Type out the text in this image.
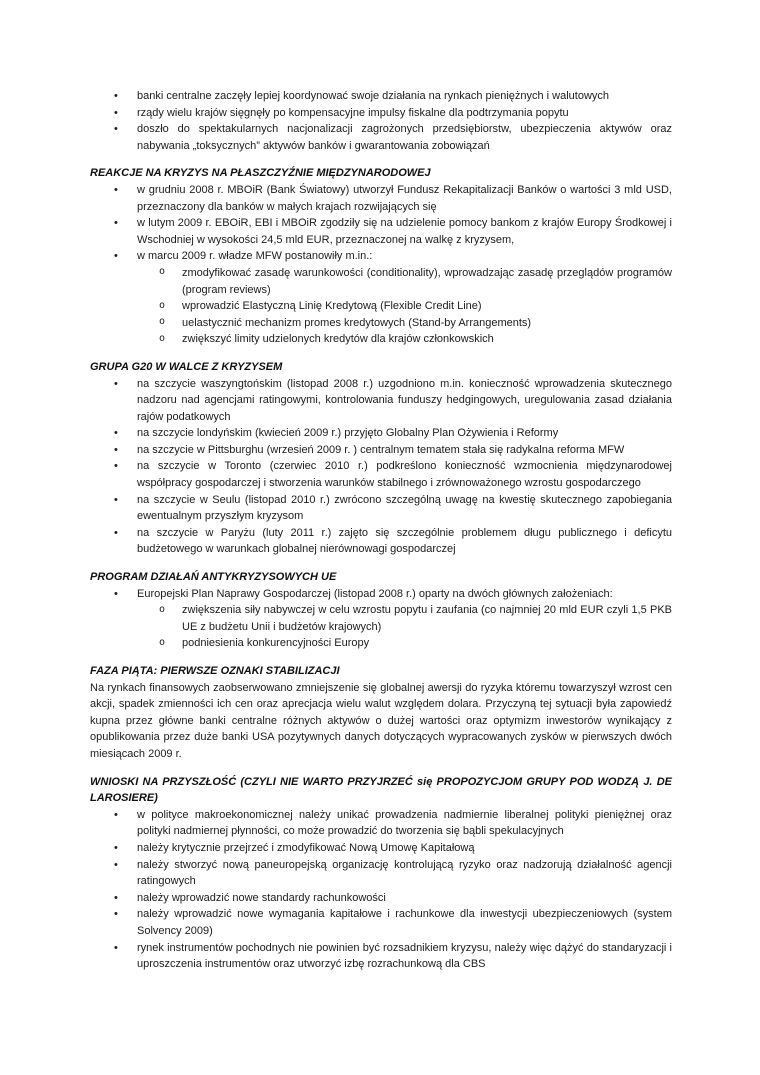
• banki centralne zaczęły lepiej koordynować swoje działania na rynkach pieniężnych i walutowych
• rządy wielu krajów sięgnęły po kompensacyjne impulsy fiskalne dla podtrzymania popytu
• doszło do spektakularnych nacjonalizacji zagrożonych przedsiębiorstw, ubezpieczenia aktywów oraz nabywania „toksycznych” aktywów banków i gwarantowania zobowiązań
REAKCJE NA KRYZYS NA PŁASZCZYŹNIE MIĘDZYNARODOWEJ
• w grudniu 2008 r. MBOiR (Bank Światowy) utworzył Fundusz Rekapitalizacji Banków o wartości 3 mld USD, przeznaczony dla banków w małych krajach rozwijających się
• w lutym 2009 r. EBOiR, EBI i MBOiR zgodziły się na udzielenie pomocy bankom z krajów Europy Środkowej i Wschodniej w wysokości 24,5 mld EUR, przeznaczonej na walkę z kryzysem,
• w marcu 2009 r. władze MFW postanowiły m.in.:
o zmodyfikować zasadę warunkowości (conditionality), wprowadzając zasadę przeglądów programów (program reviews)
o wprowadzić Elastyczną Linię Kredytową (Flexible Credit Line)
o uelastycznić mechanizm promes kredytowych (Stand-by Arrangements)
o zwiększyć limity udzielonych kredytów dla krajów członkowskich
GRUPA G20 W WALCE Z KRYZYSEM
• na szczycie waszyngtońskim (listopad 2008 r.) uzgodniono m.in. konieczność wprowadzenia skutecznego nadzoru nad agencjami ratingowymi, kontrolowania funduszy hedgingowych, uregulowania zasad działania rajów podatkowych
• na szczycie londyńskim (kwiecień 2009 r.) przyjęto Globalny Plan Ożywienia i Reformy
• na szczycie w Pittsburghu (wrzesień 2009 r. ) centralnym tematem stała się radykalna reforma MFW
• na szczycie w Toronto (czerwiec 2010 r.) podkreślono konieczność wzmocnienia międzynarodowej współpracy gospodarczej i stworzenia warunków stabilnego i zrównoważonego wzrostu gospodarczego
• na szczycie w Seulu (listopad 2010 r.) zwrócono szczególną uwagę na kwestię skutecznego zapobiegania ewentualnym przyszłym kryzysom
• na szczycie w Paryżu (luty 2011 r.) zajęto się szczególnie problemem długu publicznego i deficytu budżetowego w warunkach globalnej nierównowagi gospodarczej
PROGRAM DZIAŁAŃ ANTYKRYZYSOWYCH UE
• Europejski Plan Naprawy Gospodarczej (listopad 2008 r.) oparty na dwóch głównych założeniach:
o zwiększenia siły nabywczej w celu wzrostu popytu i zaufania (co najmniej 20 mld EUR czyli 1,5 PKB UE z budżetu Unii i budżetów krajowych)
o podniesienia konkurencyjności Europy
FAZA PIĄTA: PIERWSZE OZNAKI STABILIZACJI

Na rynkach finansowych zaobserwowano zmniejszenie się globalnej awersji do ryzyka któremu towarzyszył wzrost cen akcji, spadek zmienności ich cen oraz aprecjacja wielu walut względem dolara. Przyczyną tej sytuacji była zapowiedź kupna przez główne banki centralne różnych aktywów o dużej wartości oraz optymizm inwestorów wynikający z opublikowania przez duże banki USA pozytywnych danych dotyczących wypracowanych zysków w pierwszych dwóch miesiącach 2009 r.

WNIOSKI NA PRZYSZŁOŚĆ (CZYLI NIE WARTO PRZYJRZEĆ się PROPOZYCJOM GRUPY POD WODZĄ J. DE LAROSIERE)
• w polityce makroekonomicznej należy unikać prowadzenia nadmiernie liberalnej polityki pieniężnej oraz polityki nadmiernej płynności, co może prowadzić do tworzenia się bąbli spekulacyjnych
• należy krytycznie przejrzeć i zmodyfikować Nową Umowę Kapitałową
• należy stworzyć nową paneuropejską organizację kontrolującą ryzyko oraz nadzorują działalność agencji ratingowych
• należy wprowadzić nowe standardy rachunkowości
• należy wprowadzić nowe wymagania kapitałowe i rachunkowe dla inwestycji ubezpieczeniowych (system Solvency 2009)
• rynek instrumentów pochodnych nie powinien być rozsadnikiem kryzysu, należy więc dążyć do standaryzacji i uproszczenia instrumentów oraz utworzyć izbę rozrachunkową dla CBS
